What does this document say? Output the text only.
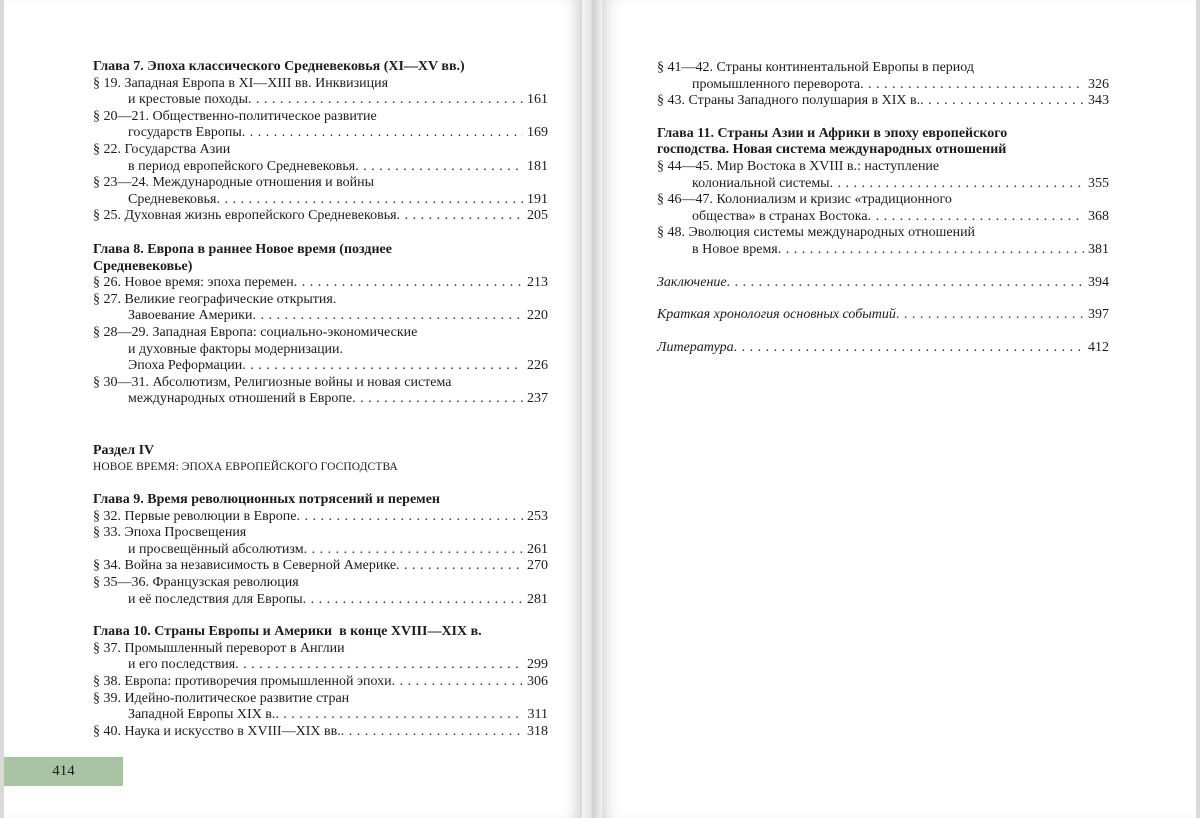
Глава 7. Эпоха классического Средневековья (XI—XV вв.)
§ 19. Западная Европа в XI—XIII вв. Инквизиция
и крестовые походы . . .	161
§ 20—21. Общественно-политическое развитие
государств Европы . . .	169
§ 22. Государства Азии
в период европейского Средневековья . . .	181
§ 23—24. Международные отношения и войны
Средневековья . . .	191
§ 25. Духовная жизнь европейского Средневековья . . .	205
Глава 8. Европа в раннее Новое время (позднее
Средневековье)
§ 26. Новое время: эпоха перемен . . .	213
§ 27. Великие географические открытия.
Завоевание Америки . . .	220
§ 28—29. Западная Европа: социально-экономические
и духовные факторы модернизации.
Эпоха Реформации . . .	226
§ 30—31. Абсолютизм, Религиозные войны и новая система
международных отношений в Европе . . .	237
Раздел IV
НОВОЕ ВРЕМЯ: ЭПОХА ЕВРОПЕЙСКОГО ГОСПОДСТВА
Глава 9. Время революционных потрясений и перемен
§ 32. Первые революции в Европе . . .	253
§ 33. Эпоха Просвещения
и просвещённый абсолютизм . . .	261
§ 34. Война за независимость в Северной Америке . . .	270
§ 35—36. Французская революция
и её последствия для Европы . . .	281
Глава 10. Страны Европы и Америки  в конце XVIII—XIX в.
§ 37. Промышленный переворот в Англии
и его последствия . . .	299
§ 38. Европа: противоречия промышленной эпохи . . .	306
§ 39. Идейно-политическое развитие стран
Западной Европы XIX в. . . .	311
§ 40. Наука и искусство в XVIII—XIX вв. . . .	318
414
§ 41—42. Страны континентальной Европы в период
промышленного переворота . . .	326
§ 43. Страны Западного полушария в XIX в. . . .	343
Глава 11. Страны Азии и Африки в эпоху европейского
господства. Новая система международных отношений
§ 44—45. Мир Востока в XVIII в.: наступление
колониальной системы . . .	355
§ 46—47. Колониализм и кризис «традиционного
общества» в странах Востока . . .	368
§ 48. Эволюция системы международных отношений
в Новое время . . .	381
Заключение . . .	394
Краткая хронология основных событий . . .	397
Литература . . .	412
